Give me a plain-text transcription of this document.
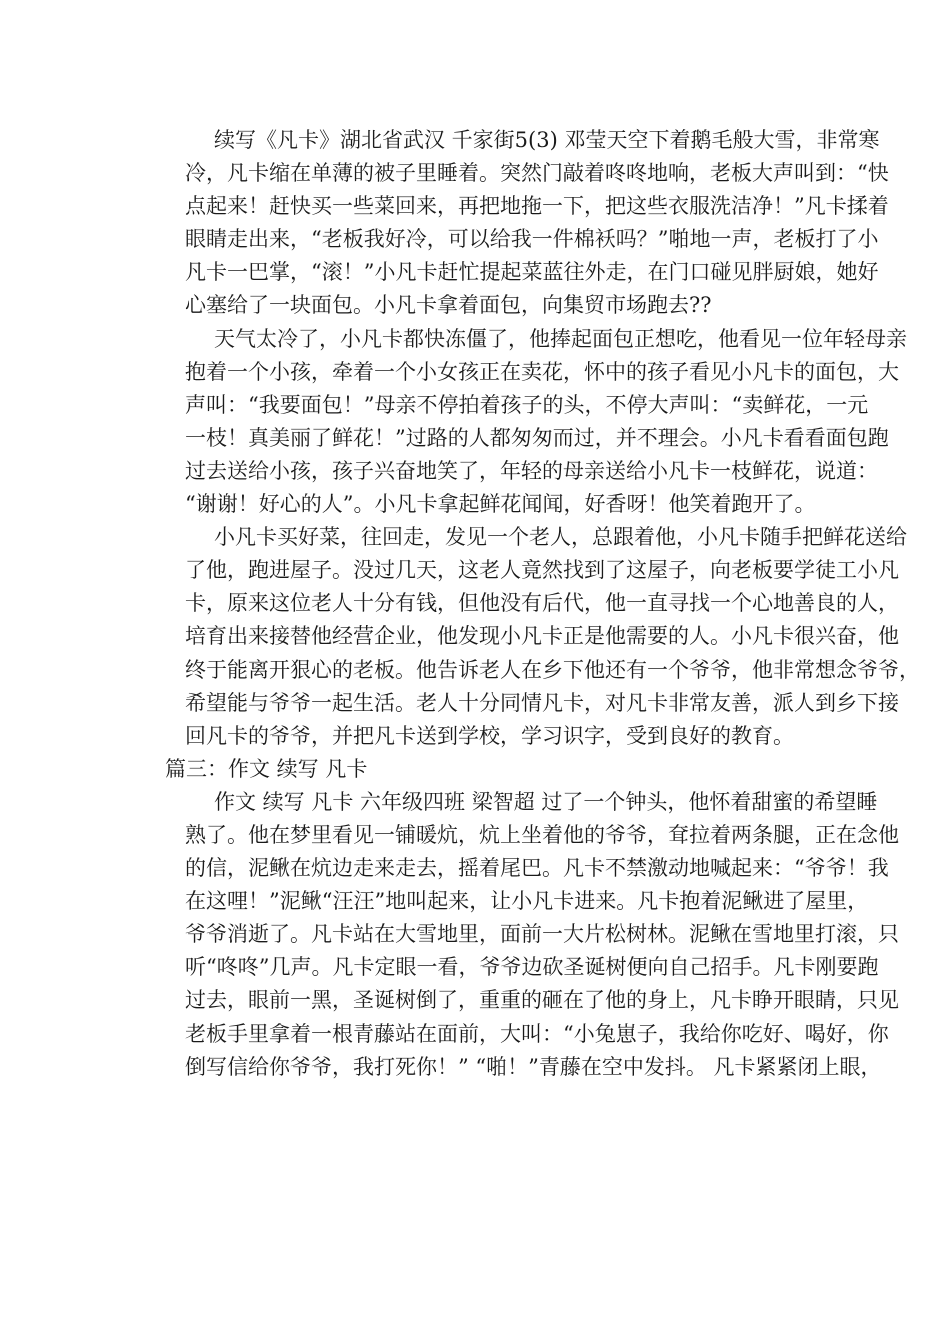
续写《凡卡》湖北省武汉 千家街5(3) 邓莹天空下着鹅毛般大雪，非常寒
冷，凡卡缩在单薄的被子里睡着。突然门敲着咚咚地响，老板大声叫到：“快
点起来！赶快买一些菜回来，再把地拖一下，把这些衣服洗洁净！”凡卡揉着
眼睛走出来，“老板我好冷，可以给我一件棉袄吗？”啪地一声，老板打了小
凡卡一巴掌，“滚！”小凡卡赶忙提起菜蓝往外走，在门口碰见胖厨娘，她好
心塞给了一块面包。小凡卡拿着面包，向集贸市场跑去??
天气太冷了，小凡卡都快冻僵了，他捧起面包正想吃，他看见一位年轻母亲
抱着一个小孩，牵着一个小女孩正在卖花，怀中的孩子看见小凡卡的面包，大
声叫：“我要面包！”母亲不停拍着孩子的头，不停大声叫：“卖鲜花，一元
一枝！真美丽了鲜花！”过路的人都匆匆而过，并不理会。小凡卡看看面包跑
过去送给小孩，孩子兴奋地笑了，年轻的母亲送给小凡卡一枝鲜花，说道：
“谢谢！好心的人”。小凡卡拿起鲜花闻闻，好香呀！他笑着跑开了。
小凡卡买好菜，往回走，发见一个老人，总跟着他，小凡卡随手把鲜花送给
了他，跑进屋子。没过几天，这老人竟然找到了这屋子，向老板要学徒工小凡
卡，原来这位老人十分有钱，但他没有后代，他一直寻找一个心地善良的人，
培育出来接替他经营企业，他发现小凡卡正是他需要的人。小凡卡很兴奋，他
终于能离开狠心的老板。他告诉老人在乡下他还有一个爷爷，他非常想念爷爷，
希望能与爷爷一起生活。老人十分同情凡卡，对凡卡非常友善，派人到乡下接
回凡卡的爷爷，并把凡卡送到学校，学习识字，受到良好的教育。
篇三：作文 续写 凡卡
作文 续写 凡卡 六年级四班 梁智超 过了一个钟头，他怀着甜蜜的希望睡
熟了。他在梦里看见一铺暖炕，炕上坐着他的爷爷，耷拉着两条腿，正在念他
的信，泥鳅在炕边走来走去，摇着尾巴。凡卡不禁激动地喊起来：“爷爷！我
在这哩！”泥鳅“汪汪”地叫起来，让小凡卡进来。凡卡抱着泥鳅进了屋里，
爷爷消逝了。凡卡站在大雪地里，面前一大片松树林。泥鳅在雪地里打滚，只
听“咚咚”几声。凡卡定眼一看，爷爷边砍圣诞树便向自己招手。凡卡刚要跑
过去，眼前一黑，圣诞树倒了，重重的砸在了他的身上，凡卡睁开眼睛，只见
老板手里拿着一根青藤站在面前，大叫：“小兔崽子，我给你吃好、喝好，你
倒写信给你爷爷，我打死你！” “啪！”青藤在空中发抖。 凡卡紧紧闭上眼，
